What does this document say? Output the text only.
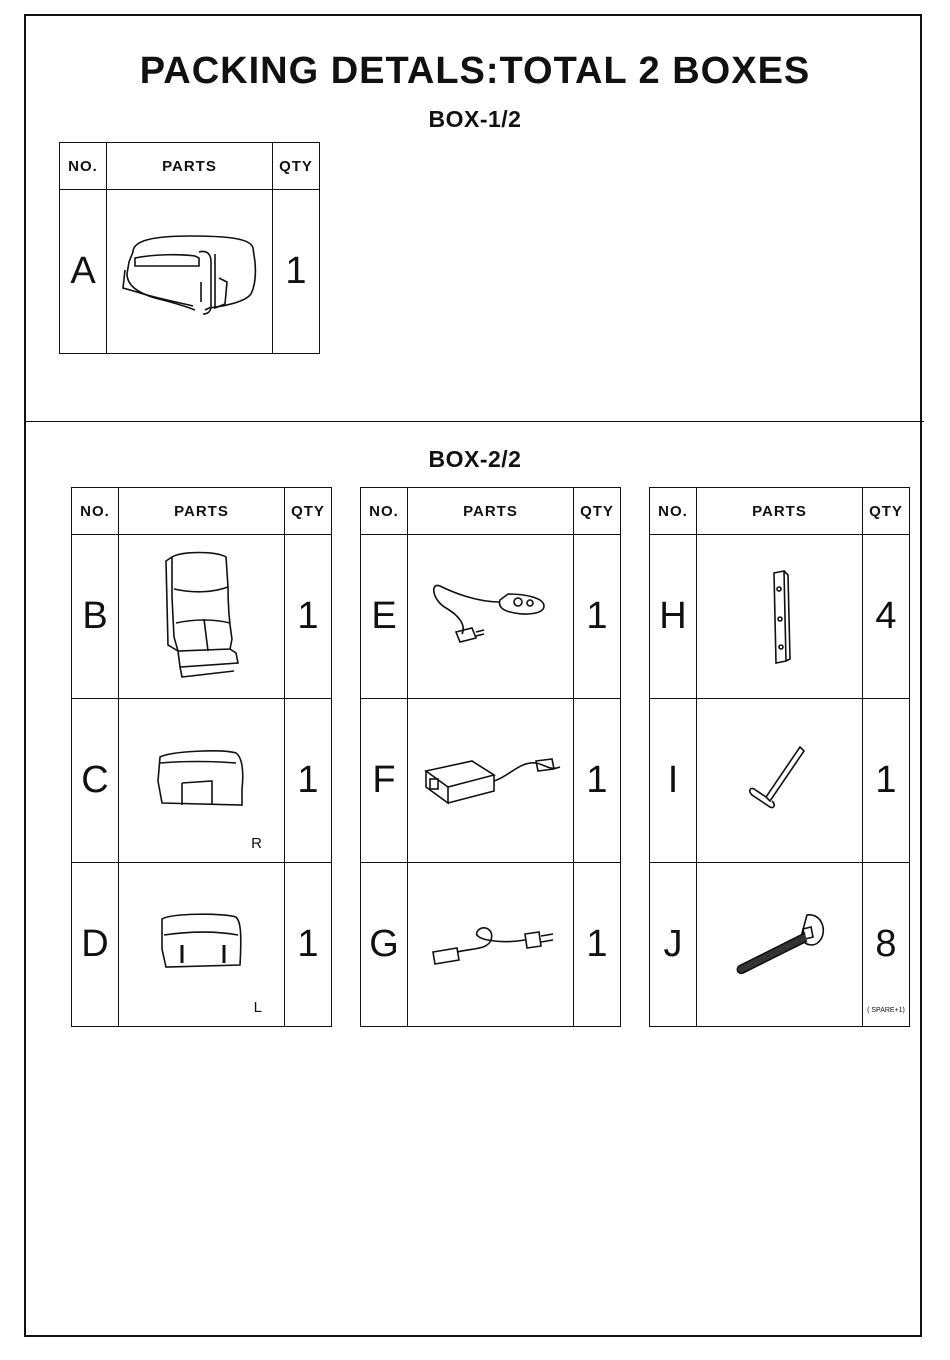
PACKING DETALS:TOTAL 2 BOXES
BOX-1/2
BOX-2/2
NO.	PARTS	QTY
A		1
NO.	PARTS	QTY
B		1
C	R	1
D	L	1
NO.	PARTS	QTY
E		1
F		1
G		1
NO.	PARTS	QTY
H		4
I		1
J		8
( SPARE+1)
